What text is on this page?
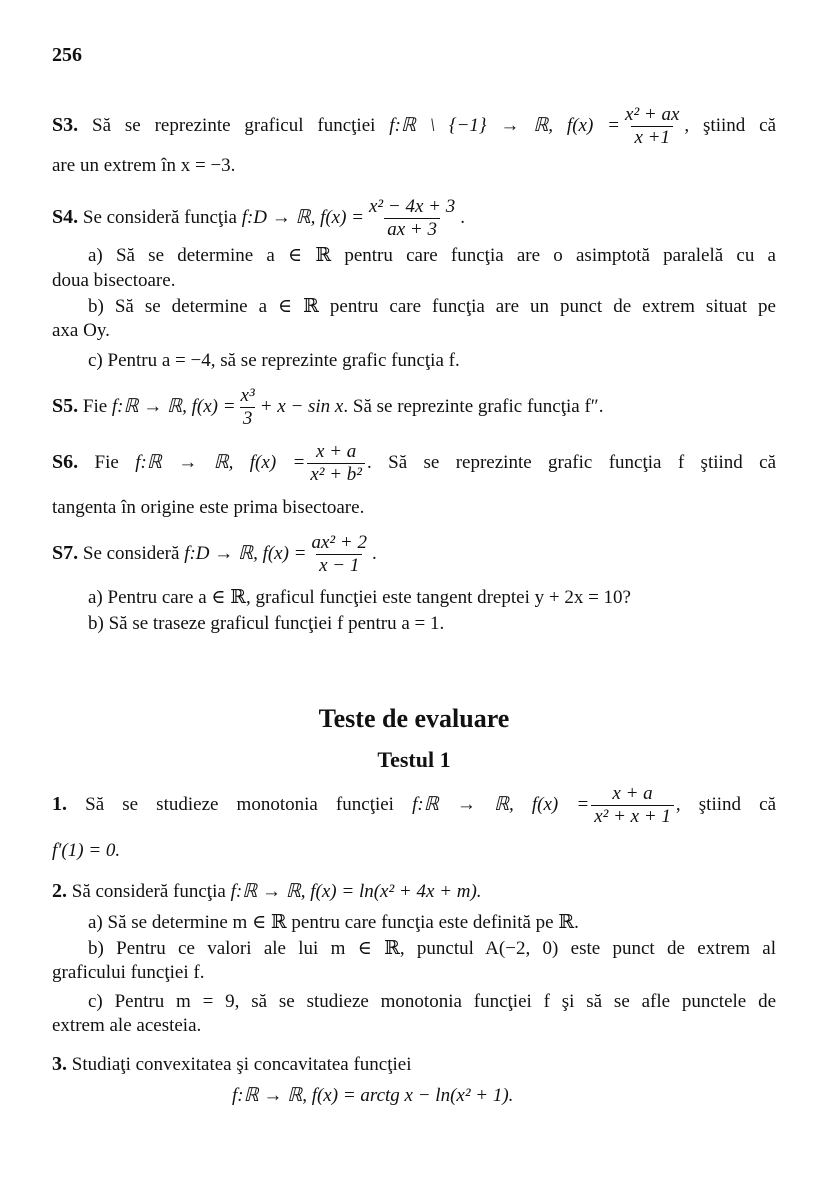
256
S3. Să se reprezinte graficul funcţiei f:ℝ \ {−1} → ℝ, $f(x) = \frac{\text{x² + ax}}{x +1}$ , ştiind că
are un extrem în x = −3.
S4. Se consideră funcţia f:D → ℝ, $f(x) = \frac{\text{x² − 4x + 3}}{ax + 3}$ .
a) Să se determine a ∈ ℝ pentru care funcţia are o asimptotă paralelă cu a
doua bisectoare.
b) Să se determine a ∈ ℝ pentru care funcţia are un punct de extrem situat pe
axa Oy.
c) Pentru a = −4, să se reprezinte grafic funcţia f.
S5. Fie f:ℝ → ℝ, $f(x) = \frac{\text{x³}}{3} + x - \sin x$. Să se reprezinte grafic funcţia f″.
S6. Fie f:ℝ → ℝ, $f(x) = \frac{x + a}{\text{x² + b²}}$ . Să se reprezinte grafic funcţia f ştiind că
tangenta în origine este prima bisectoare.
S7. Se consideră f:D → ℝ, $f(x) = \frac{\text{ax² + 2}}{x - 1}$ .
a) Pentru care a ∈ ℝ, graficul funcţiei este tangent dreptei y + 2x = 10?
b) Să se traseze graficul funcţiei f pentru a = 1.
Teste de evaluare
Testul 1
1. Să se studieze monotonia funcţiei f:ℝ → ℝ, $f(x) = \frac{x + a}{\text{x² + x + 1}}$ , ştiind că
f′(1) = 0.
2. Să consideră funcţia f:ℝ → ℝ, f(x) = ln(x² + 4x + m).
a) Să se determine m ∈ ℝ pentru care funcţia este definită pe ℝ.
b) Pentru ce valori ale lui m ∈ ℝ, punctul A(−2, 0) este punct de extrem al
graficului funcţiei f.
c) Pentru m = 9, să se studieze monotonia funcţiei f şi să se afle punctele de
extrem ale acesteia.
3. Studiaţi convexitatea şi concavitatea funcţiei
f:ℝ → ℝ, f(x) = arctg x − ln(x² + 1).
